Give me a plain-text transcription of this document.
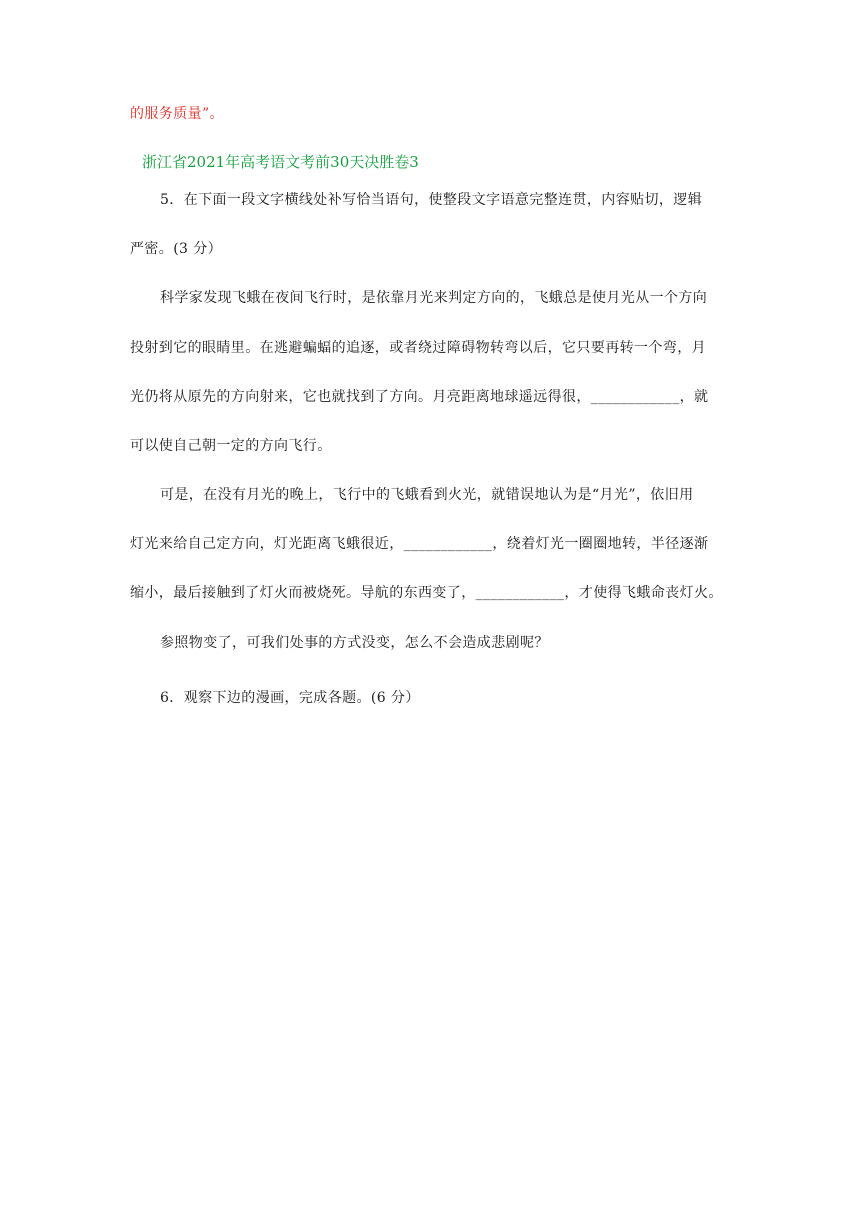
的服务质量”。
浙江省2021年高考语文考前30天决胜卷3
5．在下面一段文字横线处补写恰当语句，使整段文字语意完整连贯，内容贴切，逻辑
严密。(3 分）
科学家发现飞蛾在夜间飞行时，是依靠月光来判定方向的，飞蛾总是使月光从一个方向
投射到它的眼睛里。在逃避蝙蝠的追逐，或者绕过障碍物转弯以后，它只要再转一个弯，月
光仍将从原先的方向射来，它也就找到了方向。月亮距离地球遥远得很，____________，就
可以使自己朝一定的方向飞行。
可是，在没有月光的晚上，飞行中的飞蛾看到火光，就错误地认为是“月光”，依旧用
灯光来给自己定方向，灯光距离飞蛾很近，____________，绕着灯光一圈圈地转，半径逐渐
缩小，最后接触到了灯火而被烧死。导航的东西变了，____________，才使得飞蛾命丧灯火。
参照物变了，可我们处事的方式没变，怎么不会造成悲剧呢？
6．观察下边的漫画，完成各题。(6 分）
